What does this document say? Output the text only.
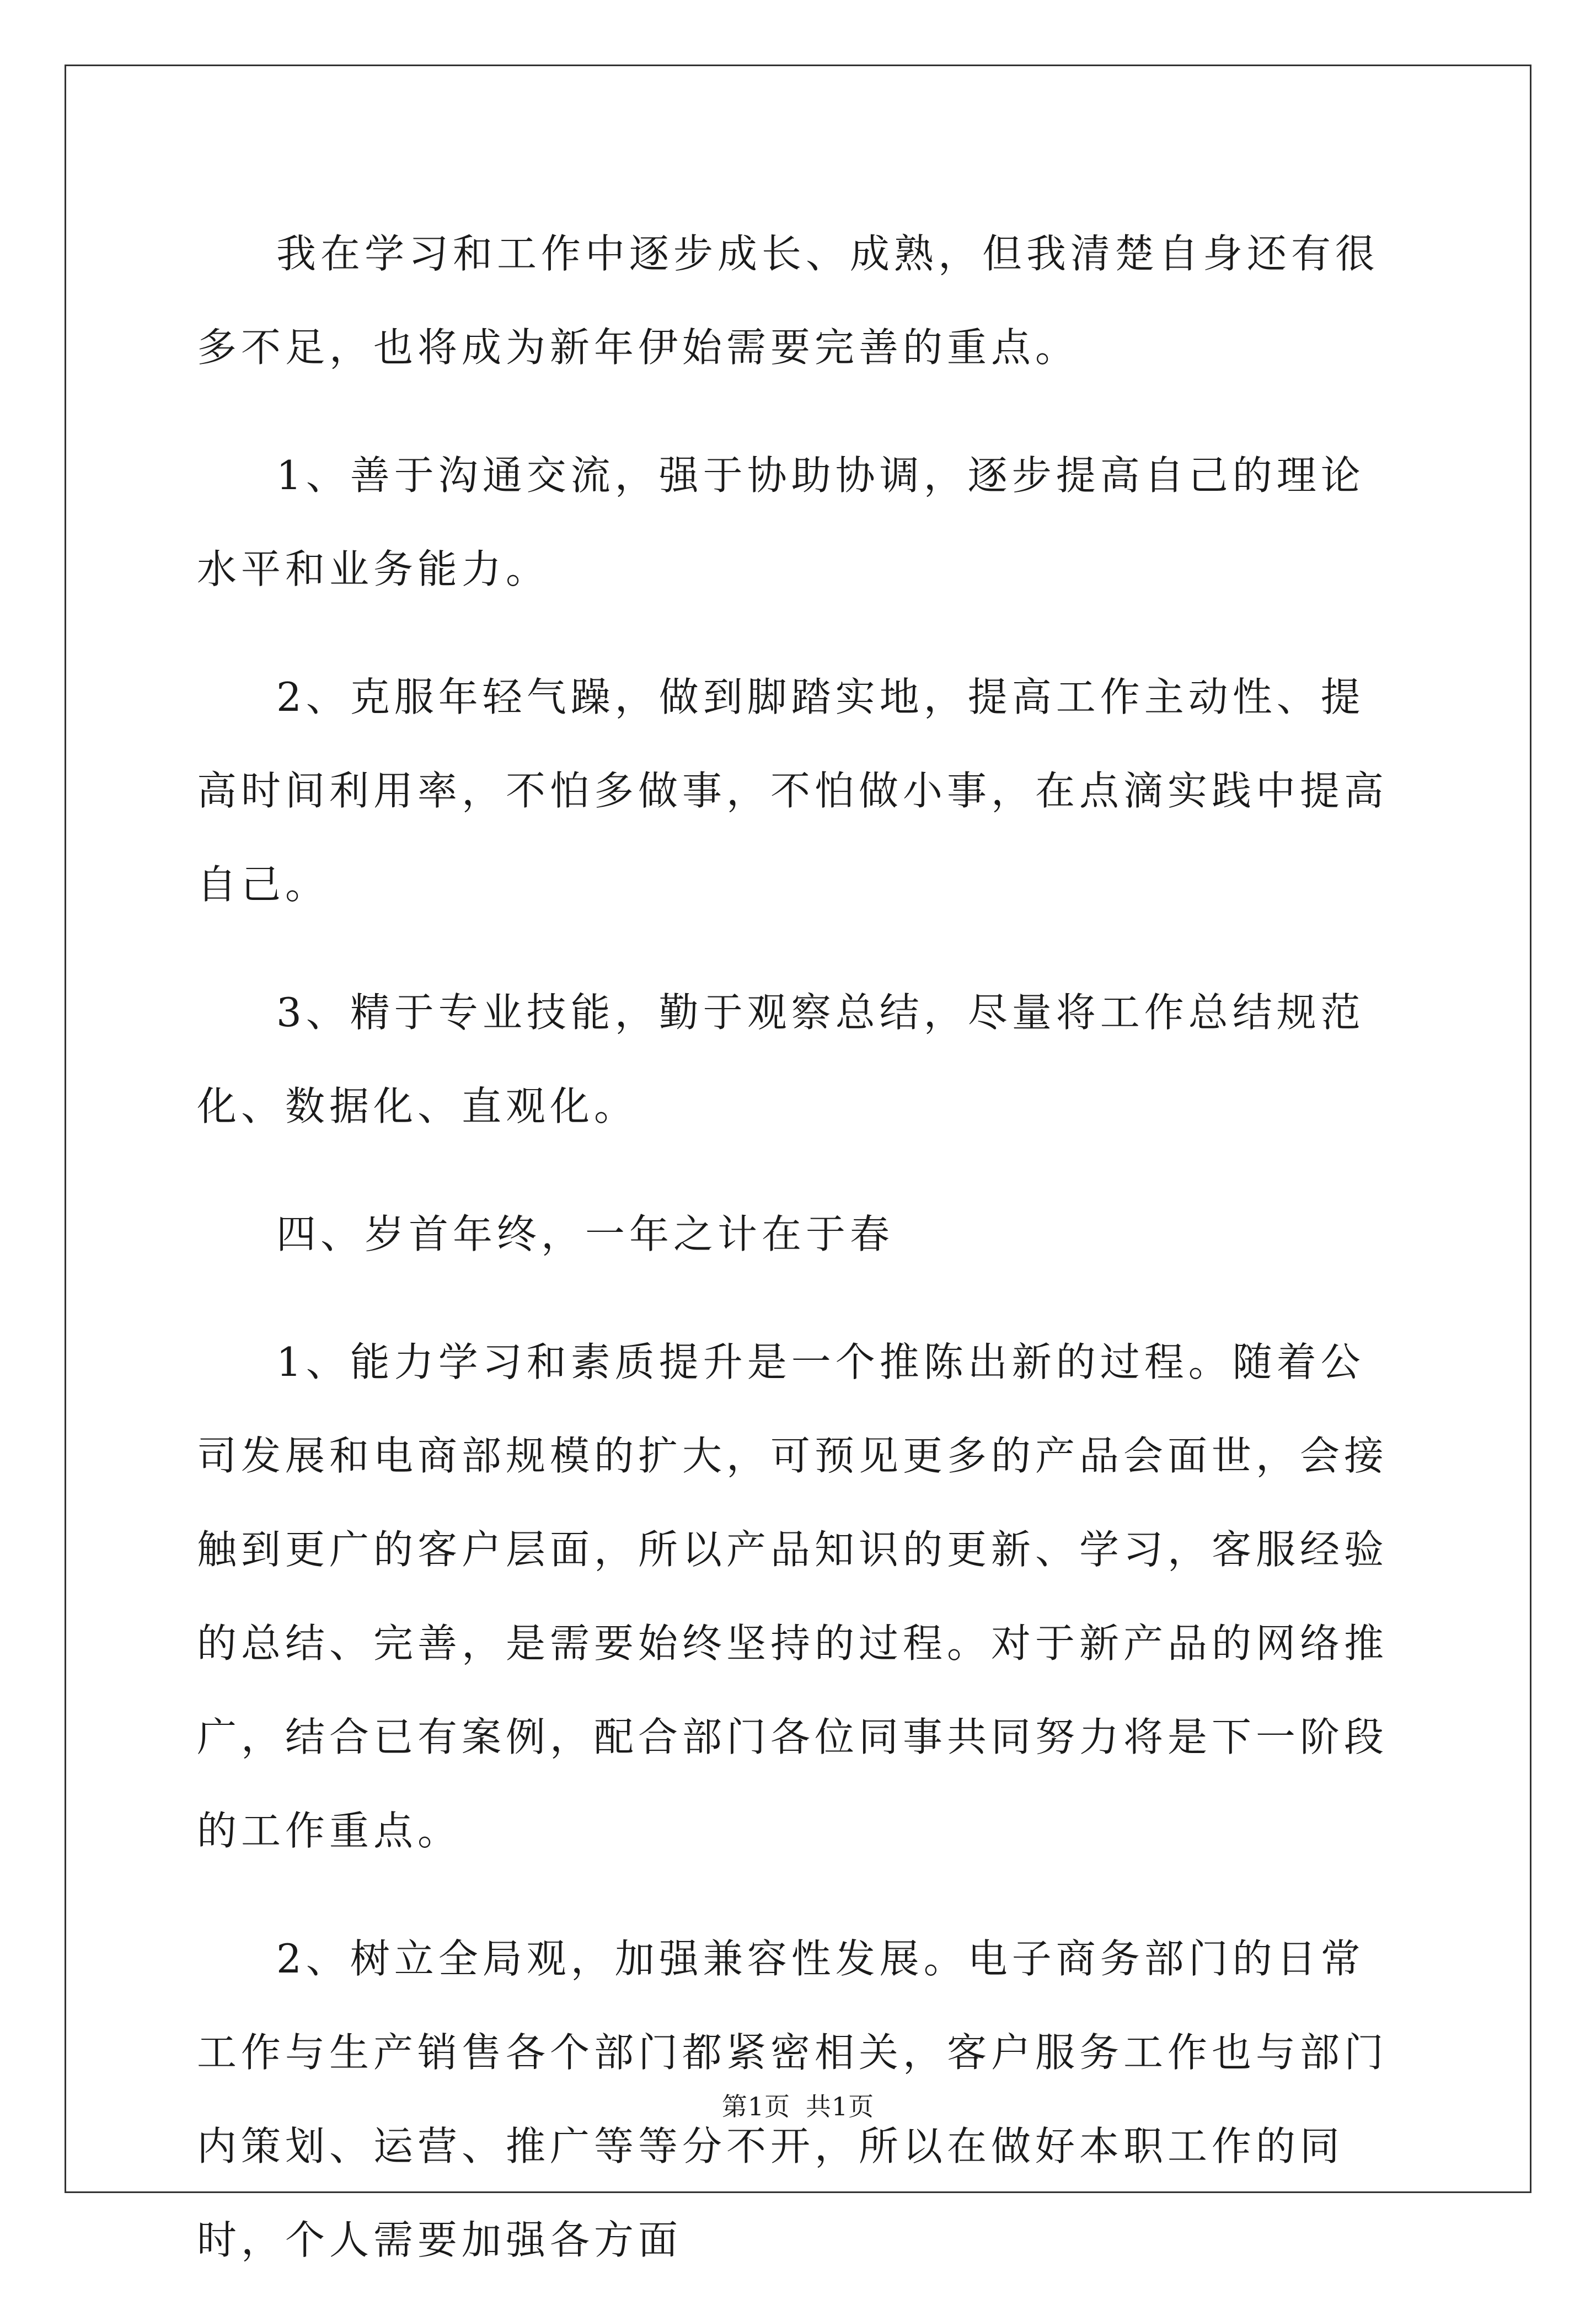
我在学习和工作中逐步成长、成熟，但我清楚自身还有很多不足，也将成为新年伊始需要完善的重点。

1、善于沟通交流，强于协助协调，逐步提高自己的理论水平和业务能力。

2、克服年轻气躁，做到脚踏实地，提高工作主动性、提高时间利用率，不怕多做事，不怕做小事，在点滴实践中提高自己。

3、精于专业技能，勤于观察总结，尽量将工作总结规范化、数据化、直观化。

四、岁首年终，一年之计在于春

1、能力学习和素质提升是一个推陈出新的过程。随着公司发展和电商部规模的扩大，可预见更多的产品会面世，会接触到更广的客户层面，所以产品知识的更新、学习，客服经验的总结、完善，是需要始终坚持的过程。对于新产品的网络推广，结合已有案例，配合部门各位同事共同努力将是下一阶段的工作重点。

2、树立全局观，加强兼容性发展。电子商务部门的日常工作与生产销售各个部门都紧密相关，客户服务工作也与部门内策划、运营、推广等等分不开，所以在做好本职工作的同时，个人需要加强各方面

第1页 共1页
